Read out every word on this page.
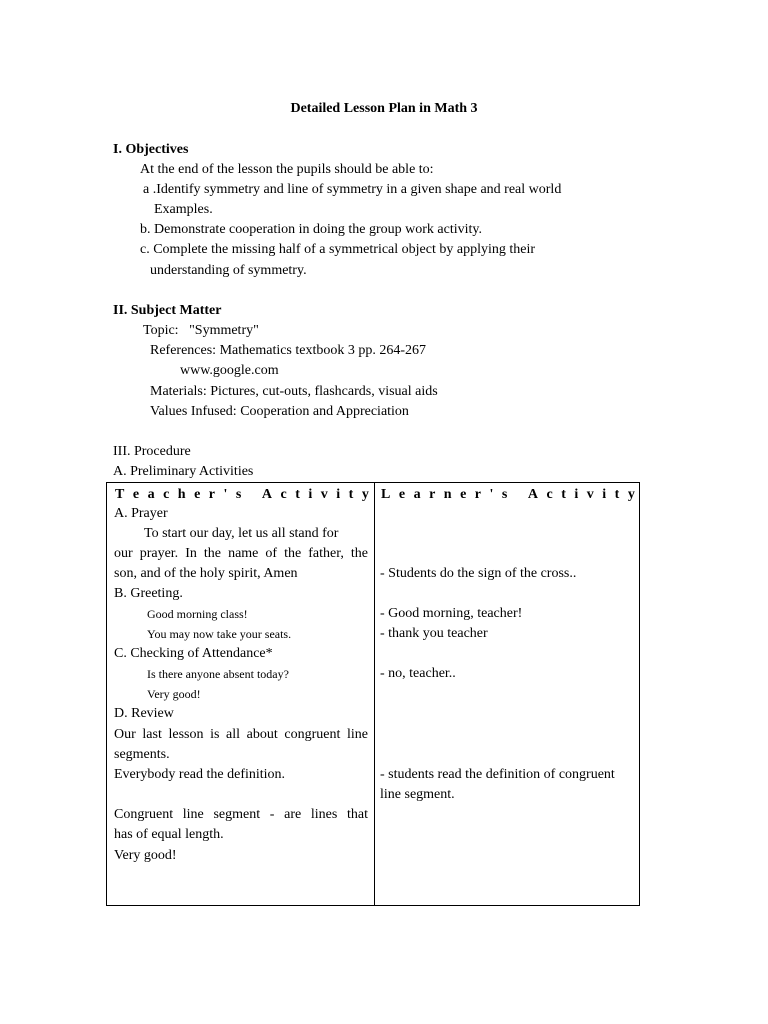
Detailed Lesson Plan in Math 3
I. Objectives
At the end of the lesson the pupils should be able to:
a .Identify symmetry and line of symmetry in a given shape and real world
Examples.
b. Demonstrate cooperation in doing the group work activity.
c. Complete the missing half of a symmetrical object by applying their
understanding of symmetry.
II. Subject Matter
Topic:   "Symmetry"
References: Mathematics textbook 3 pp. 264-267
www.google.com
Materials: Pictures, cut-outs, flashcards, visual aids
Values Infused: Cooperation and Appreciation
III. Procedure
A. Preliminary Activities
T e a c h e r ' s
A c t i v i t y L e a r n e r ' s
A c t i v i t y
A. Prayer
To start our day, let us all stand for
our prayer. In the name of the father, the
son, and of the holy spirit, Amen
B. Greeting.
Good morning class!
You may now take your seats.
C. Checking of Attendance*
Is there anyone absent today?
Very good!
D. Review
Our last lesson is all about congruent line
segments.
Everybody read the definition.
Congruent line segment - are lines that
has of equal length.
Very good!
- Students do the sign of the cross..
- Good morning, teacher!
- thank you teacher
- no, teacher..
- students read the definition of congruent
line segment.
